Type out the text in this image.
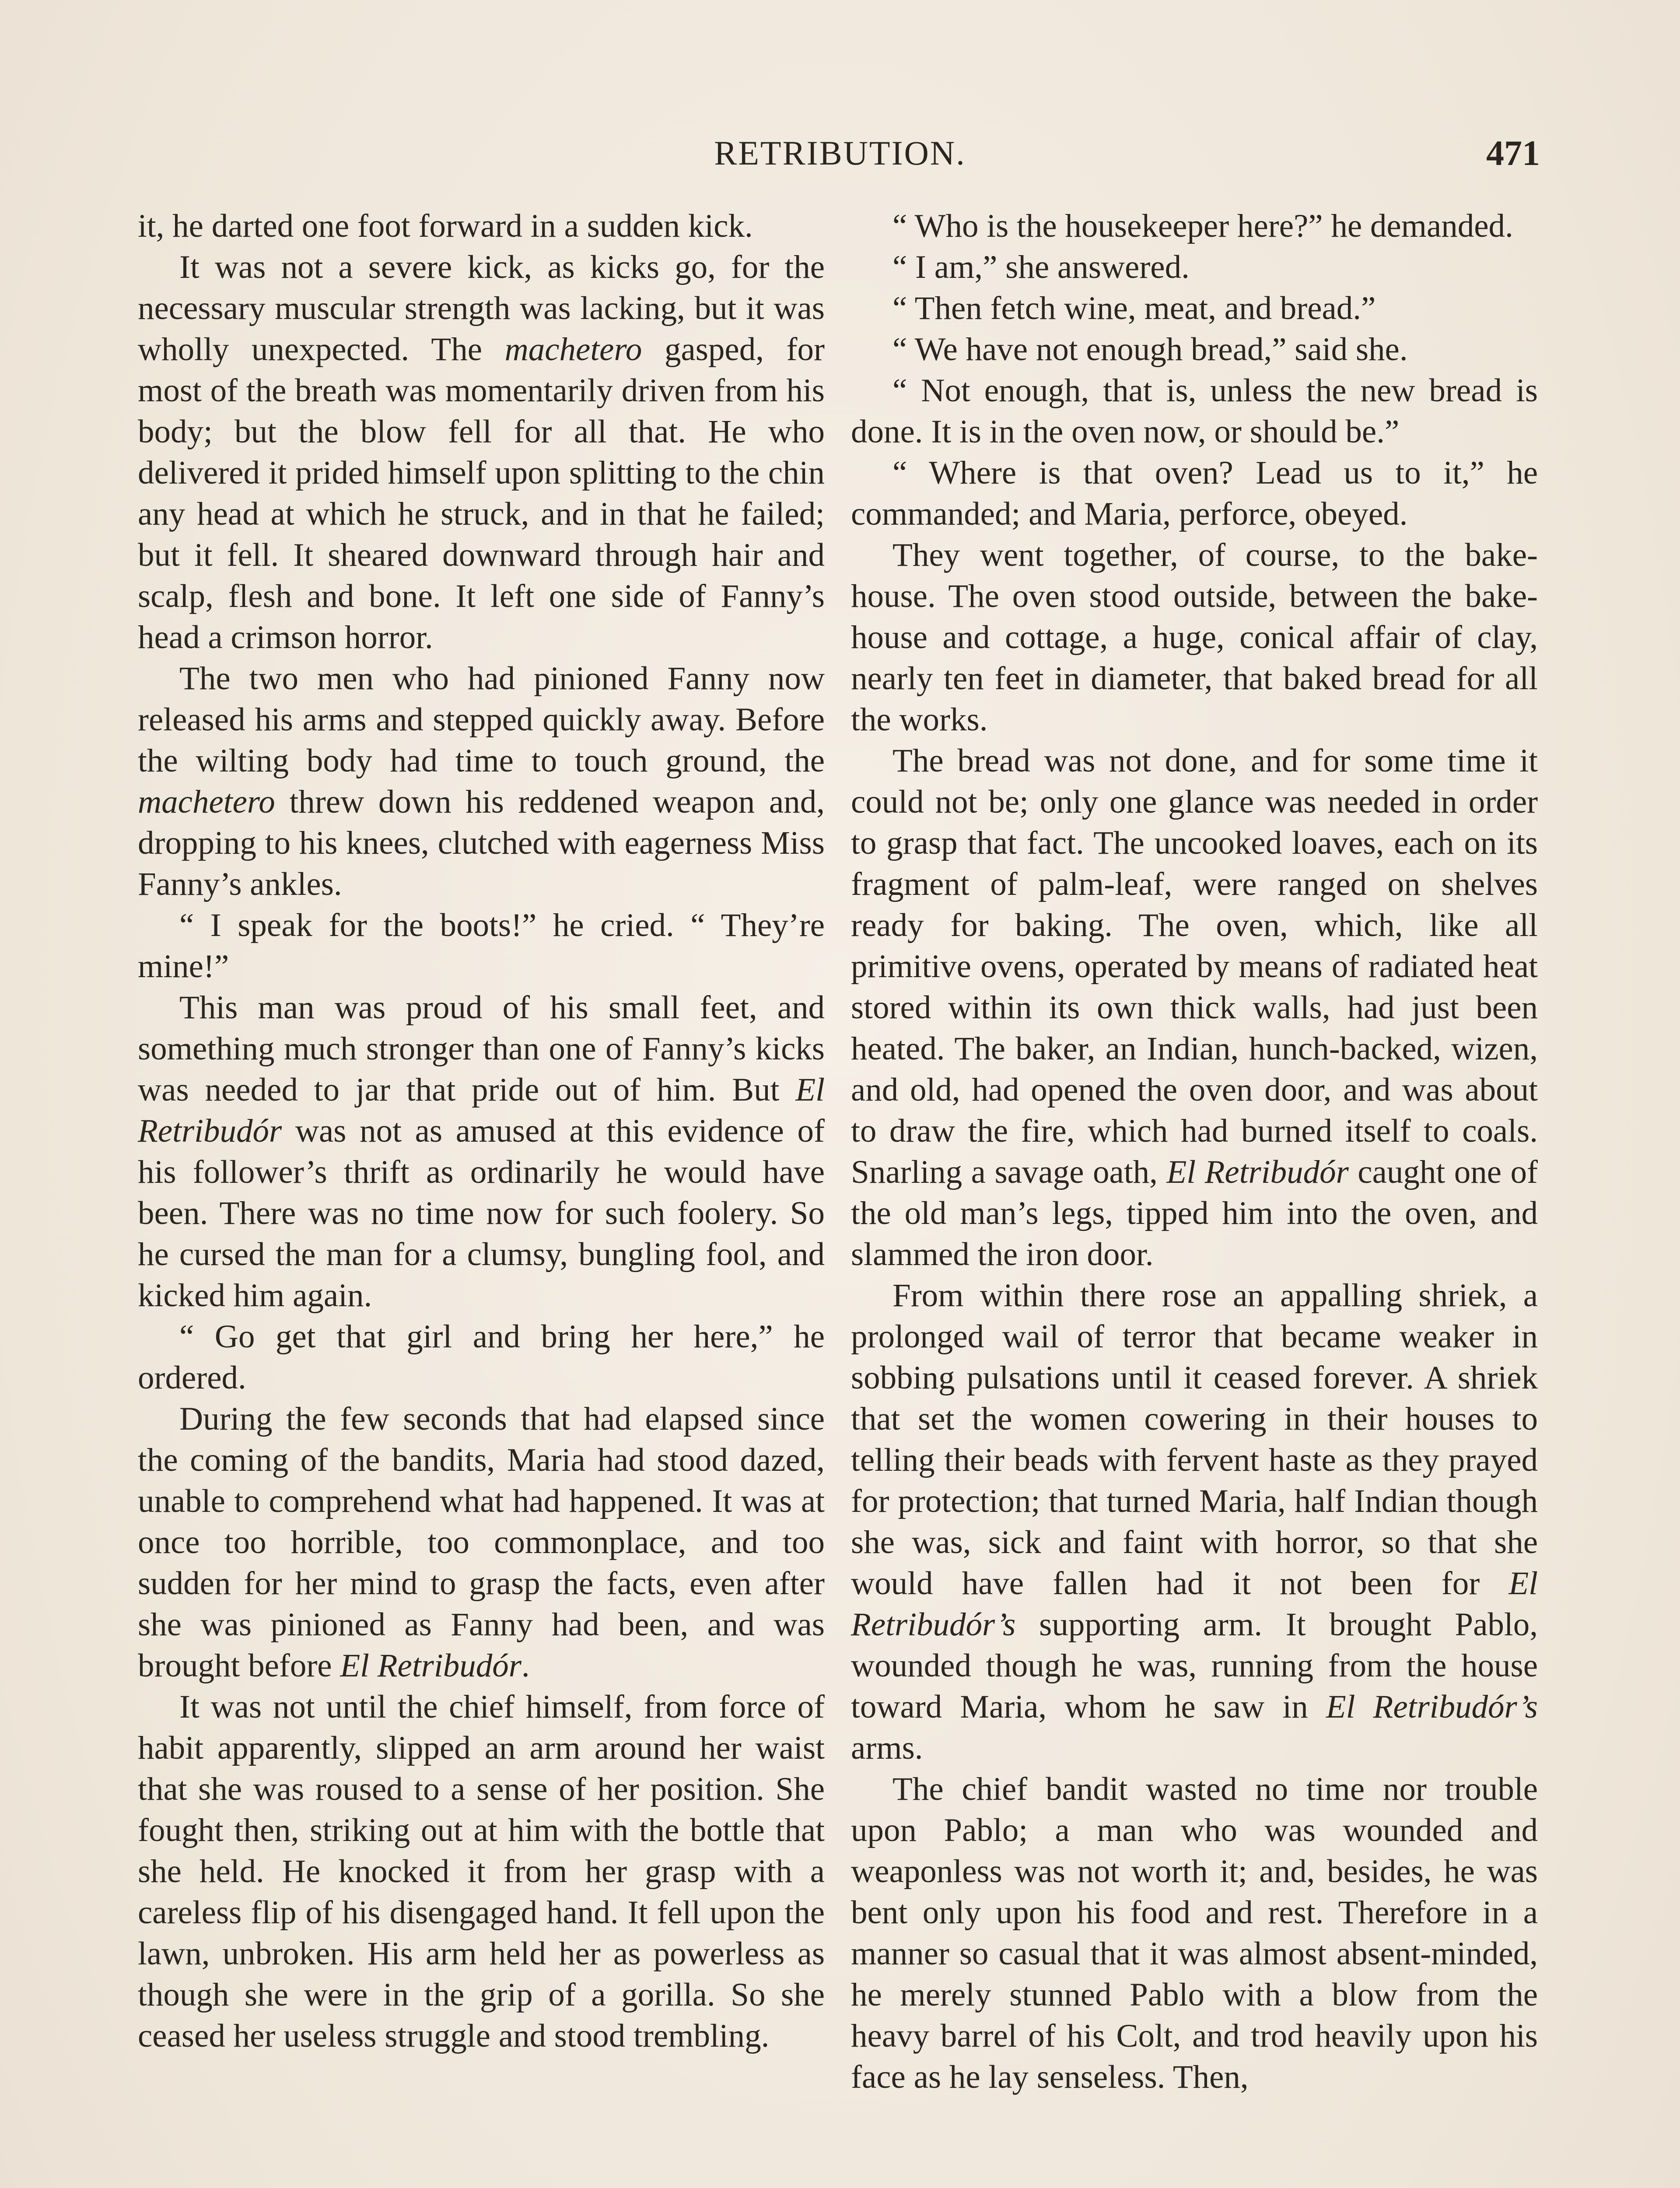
RETRIBUTION.	471

it, he darted one foot forward in a sudden kick.

It was not a severe kick, as kicks go, for the necessary muscular strength was lacking, but it was wholly unexpected. The machetero gasped, for most of the breath was momentarily driven from his body; but the blow fell for all that. He who delivered it prided himself upon splitting to the chin any head at which he struck, and in that he failed; but it fell. It sheared downward through hair and scalp, flesh and bone. It left one side of Fanny’s head a crimson horror.

The two men who had pinioned Fanny now released his arms and stepped quickly away. Before the wilting body had time to touch ground, the machetero threw down his reddened weapon and, dropping to his knees, clutched with eagerness Miss Fanny’s ankles.

“ I speak for the boots!” he cried. “ They’re mine!”

This man was proud of his small feet, and something much stronger than one of Fanny’s kicks was needed to jar that pride out of him. But El Retribudór was not as amused at this evidence of his follower’s thrift as ordinarily he would have been. There was no time now for such foolery. So he cursed the man for a clumsy, bungling fool, and kicked him again.

“ Go get that girl and bring her here,” he ordered.

During the few seconds that had elapsed since the coming of the bandits, Maria had stood dazed, unable to comprehend what had happened. It was at once too horrible, too commonplace, and too sudden for her mind to grasp the facts, even after she was pinioned as Fanny had been, and was brought before El Retribudór.

It was not until the chief himself, from force of habit apparently, slipped an arm around her waist that she was roused to a sense of her position. She fought then, striking out at him with the bottle that she held. He knocked it from her grasp with a careless flip of his disengaged hand. It fell upon the lawn, unbroken. His arm held her as powerless as though she were in the grip of a gorilla. So she ceased her useless struggle and stood trembling.

“ Who is the housekeeper here?” he demanded.

“ I am,” she answered.

“ Then fetch wine, meat, and bread.”

“ We have not enough bread,” said she.

“ Not enough, that is, unless the new bread is done. It is in the oven now, or should be.”

“ Where is that oven? Lead us to it,” he commanded; and Maria, perforce, obeyed.

They went together, of course, to the bake-house. The oven stood outside, between the bake-house and cottage, a huge, conical affair of clay, nearly ten feet in diameter, that baked bread for all the works.

The bread was not done, and for some time it could not be; only one glance was needed in order to grasp that fact. The uncooked loaves, each on its fragment of palm-leaf, were ranged on shelves ready for baking. The oven, which, like all primitive ovens, operated by means of radiated heat stored within its own thick walls, had just been heated. The baker, an Indian, hunch-backed, wizen, and old, had opened the oven door, and was about to draw the fire, which had burned itself to coals. Snarling a savage oath, El Retribudór caught one of the old man’s legs, tipped him into the oven, and slammed the iron door.

From within there rose an appalling shriek, a prolonged wail of terror that became weaker in sobbing pulsations until it ceased forever. A shriek that set the women cowering in their houses to telling their beads with fervent haste as they prayed for protection; that turned Maria, half Indian though she was, sick and faint with horror, so that she would have fallen had it not been for El Retribudór’s supporting arm. It brought Pablo, wounded though he was, running from the house toward Maria, whom he saw in El Retribudór’s arms.

The chief bandit wasted no time nor trouble upon Pablo; a man who was wounded and weaponless was not worth it; and, besides, he was bent only upon his food and rest. Therefore in a manner so casual that it was almost absent-minded, he merely stunned Pablo with a blow from the heavy barrel of his Colt, and trod heavily upon his face as he lay senseless. Then,
